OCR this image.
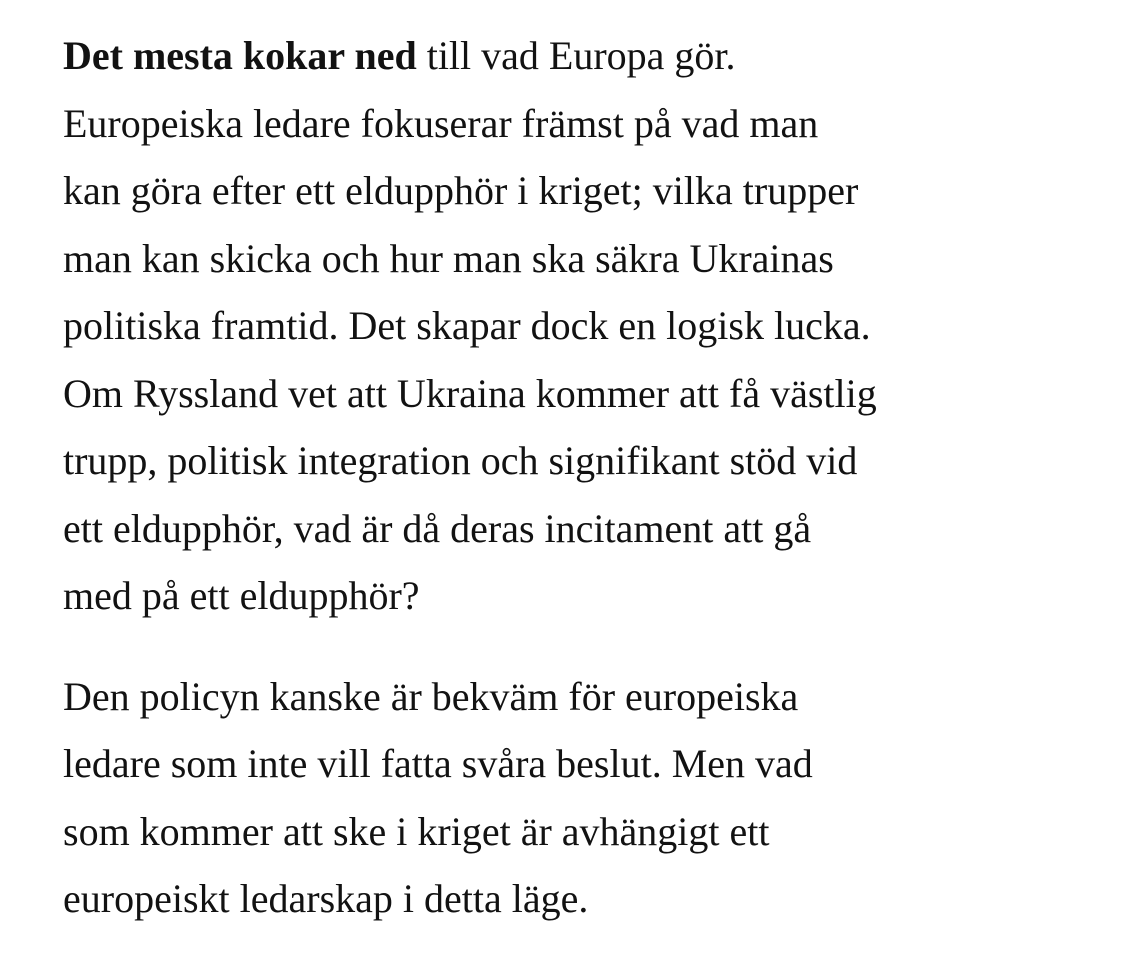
Det mesta kokar ned till vad Europa gör.
Europeiska ledare fokuserar främst på vad man
kan göra efter ett eldupphör i kriget; vilka trupper
man kan skicka och hur man ska säkra Ukrainas
politiska framtid. Det skapar dock en logisk lucka.
Om Ryssland vet att Ukraina kommer att få västlig
trupp, politisk integration och signifikant stöd vid
ett eldupphör, vad är då deras incitament att gå
med på ett eldupphör?

Den policyn kanske är bekväm för europeiska
ledare som inte vill fatta svåra beslut. Men vad
som kommer att ske i kriget är avhängigt ett
europeiskt ledarskap i detta läge.
